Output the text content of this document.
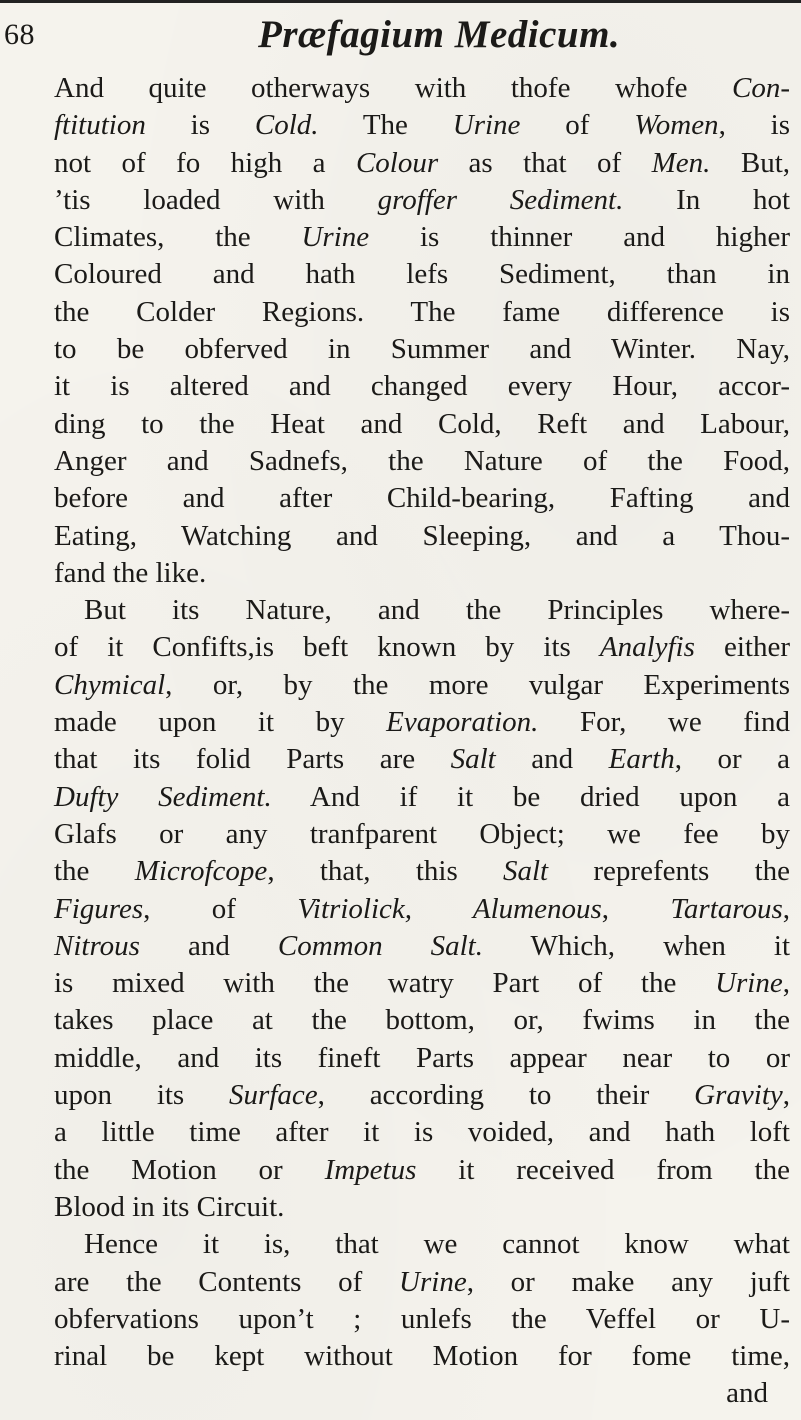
68	Præfagium Medicum.
And quite otherways with thofe whofe Con-
ftitution is Cold. The Urine of Women, is
not of fo high a Colour as that of Men. But,
’tis loaded with groffer Sediment. In hot
Climates, the Urine is thinner and higher
Coloured and hath lefs Sediment, than in
the Colder Regions. The fame difference is
to be obferved in Summer and Winter. Nay,
it is altered and changed every Hour, accor-
ding to the Heat and Cold, Reft and Labour,
Anger and Sadnefs, the Nature of the Food,
before and after Child-bearing, Fafting and
Eating, Watching and Sleeping, and a Thou-
fand the like.
But its Nature, and the Principles where-
of it Confifts,is beft known by its Analyfis either
Chymical, or, by the more vulgar Experiments
made upon it by Evaporation. For, we find
that its folid Parts are Salt and Earth, or a
Dufty Sediment. And if it be dried upon a
Glafs or any tranfparent Object; we fee by
the Microfcope, that, this Salt reprefents the
Figures, of Vitriolick, Alumenous, Tartarous,
Nitrous and Common Salt. Which, when it
is mixed with the watry Part of the Urine,
takes place at the bottom, or, fwims in the
middle, and its fineft Parts appear near to or
upon its Surface, according to their Gravity,
a little time after it is voided, and hath loft
the Motion or Impetus it received from the
Blood in its Circuit.
Hence it is, that we cannot know what
are the Contents of Urine, or make any juft
obfervations upon’t ; unlefs the Veffel or U-
rinal be kept without Motion for fome time,
and
